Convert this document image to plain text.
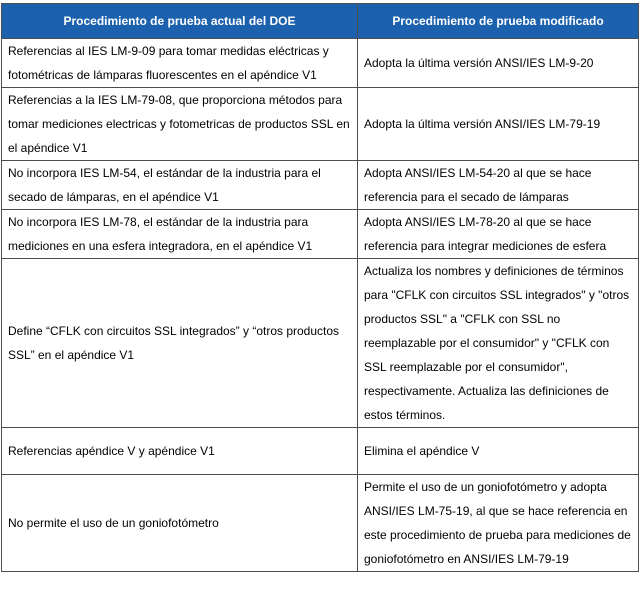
Procedimiento de prueba actual del DOE	Procedimiento de prueba modificado
Referencias al IES LM-9-09 para tomar medidas eléctricas y fotométricas de lámparas fluorescentes en el apéndice V1	Adopta la última versión ANSI/IES LM-9-20
Referencias a la IES LM-79-08, que proporciona métodos para tomar mediciones electricas y fotometricas de productos SSL en el apéndice V1	Adopta la última versión ANSI/IES LM-79-19
No incorpora IES LM-54, el estándar de la industria para el secado de lámparas, en el apéndice V1	Adopta ANSI/IES LM-54-20 al que se hace referencia para el secado de lámparas
No incorpora IES LM-78, el estándar de la industria para mediciones en una esfera integradora, en el apéndice V1	Adopta ANSI/IES LM-78-20 al que se hace referencia para integrar mediciones de esfera
Define “CFLK con circuitos SSL integrados” y “otros productos SSL” en el apéndice V1	Actualiza los nombres y definiciones de términos para "CFLK con circuitos SSL integrados" y "otros productos SSL" a "CFLK con SSL no reemplazable por el consumidor" y "CFLK con SSL reemplazable por el consumidor", respectivamente. Actualiza las definiciones de estos términos.
Referencias apéndice V y apéndice V1	Elimina el apéndice V
No permite el uso de un goniofotómetro	Permite el uso de un goniofotómetro y adopta ANSI/IES LM-75-19, al que se hace referencia en este procedimiento de prueba para mediciones de goniofotómetro en ANSI/IES LM-79-19
